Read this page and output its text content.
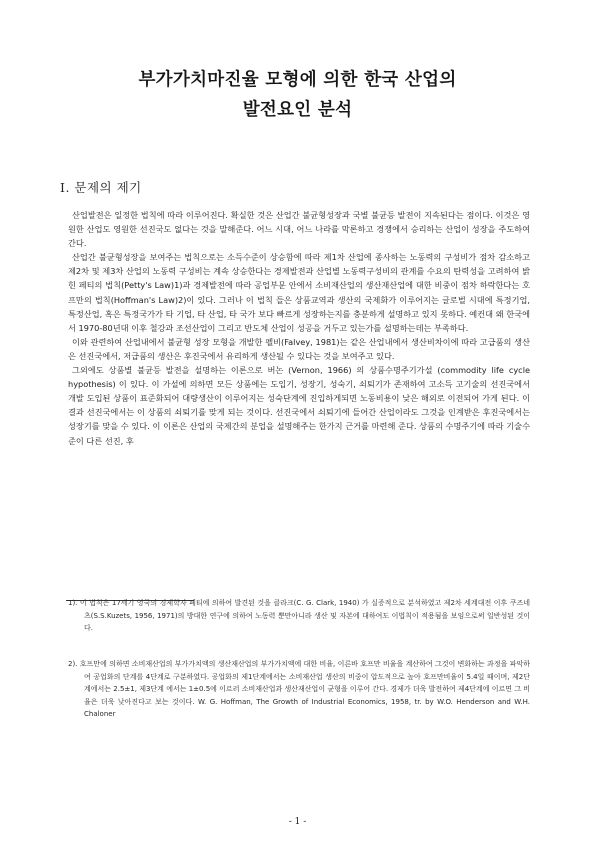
부가가치마진율 모형에 의한 한국 산업의
발전요인 분석
I. 문제의 제기

산업발전은 일정한 법칙에 따라 이루어진다. 확실한 것은 산업간 불균형성장과 국별 불균등 발전이 지속된다는 점이다. 이것은 영원한 산업도 영원한 선진국도 없다는 것을 말해준다. 어느 시대, 어느 나라를 막론하고 경쟁에서 승리하는 산업이 성장을 주도하여 간다.

산업간 불균형성장을 보여주는 법칙으로는 소득수준이 상승함에 따라 제1차 산업에 종사하는 노동력의 구성비가 점차 감소하고 제2차 및 제3차 산업의 노동력 구성비는 계속 상승한다는 경제발전과 산업별 노동력구성비의 관계를 수요의 탄력성을 고려하여 밝힌 페티의 법칙(Petty's Law)1)과 경제발전에 따라 공업부문 안에서 소비재산업의 생산재산업에 대한 비중이 점차 하락한다는 호프만의 법칙(Hoffman's Law)2)이 있다. 그러나 이 법칙 들은 상품교역과 생산의 국제화가 이루어지는 글로벌 시대에 특정기업, 특정산업, 혹은 특정국가가 타 기업, 타 산업, 타 국가 보다 빠르게 성장하는지를 충분하게 설명하고 있지 못하다. 예컨대 왜 한국에서 1970-80년대 이후 철강과 조선산업이 그리고 반도체 산업이 성공을 거두고 있는가를 설명하는데는 부족하다.

이와 관련하여 산업내에서 불균형 성장 모형을 개발한 펠비(Falvey, 1981)는 같은 산업내에서 생산비차이에 따라 고급품의 생산은 선진국에서, 저급품의 생산은 후진국에서 유리하게 생산될 수 있다는 것을 보여주고 있다.

그외에도 상품별 불균등 발전을 설명하는 이론으로 버논 (Vernon, 1966) 의 상품수명주기가설 (commodity life cycle hypothesis) 이 있다. 이 가설에 의하면 모든 상품에는 도입기, 성장기, 성숙기, 쇠퇴기가 존재하여 고소득 고기술의 선진국에서 개발 도입된 상품이 표준화되어 대량생산이 이루어지는 성숙단계에 진입하게되면 노동비용이 낮은 해외로 이전되어 가게 된다. 이 결과 선진국에서는 이 상품의 쇠퇴기를 맞게 되는 것이다. 선진국에서 쇠퇴기에 들어간 산업이라도 그것을 인계받은 후진국에서는 성장기를 맞을 수 있다. 이 이론은 산업의 국제간의 분업을 설명해주는 한가지 근거를 마련해 준다. 상품의 수명주기에 따라 기술수준이 다른 선진, 후

1). 이 법칙은 17세기 영국의 경제학자 페티에 의하여 발견된 것을 클라크(C. G. Clark, 1940) 가 실증적으로 분석하였고 제2차 세계대전 이후 쿠즈네츠(S.S.Kuzets, 1956, 1971)의 방대한 연구에 의하여 노동력 뿐만아니라 생산 및 자본에 대하여도 이법칙이 적용됨을 보임으로써 일반성된 것이다.
2). 호프만에 의하면 소비재산업의 부가가치액의 생산재산업의 부가가치액에 대한 비율, 이른바 호프만 비율을 계산하여 그것이 변화하는 과정을 파악하여 공업화의 단계를 4단계로 구분하였다. 공업화의 제1단계에서는 소비재산업 생산의 비중이 압도적으로 높아 호프만비율이 5.4일 때이며, 제2단계에서는 2.5±1, 제3단계 에서는 1±0.5에 이르러 소비재산업과 생산재산업이 균형을 이루어 간다. 경제가 더욱 발전하여 제4단계에 이르면 그 비율은 더욱 낮아진다고 보는 것이다. W. G. Hoffman, The Growth of Industrial Economics, 1958, tr. by W.O. Henderson and W.H. Chaloner
- 1 -
